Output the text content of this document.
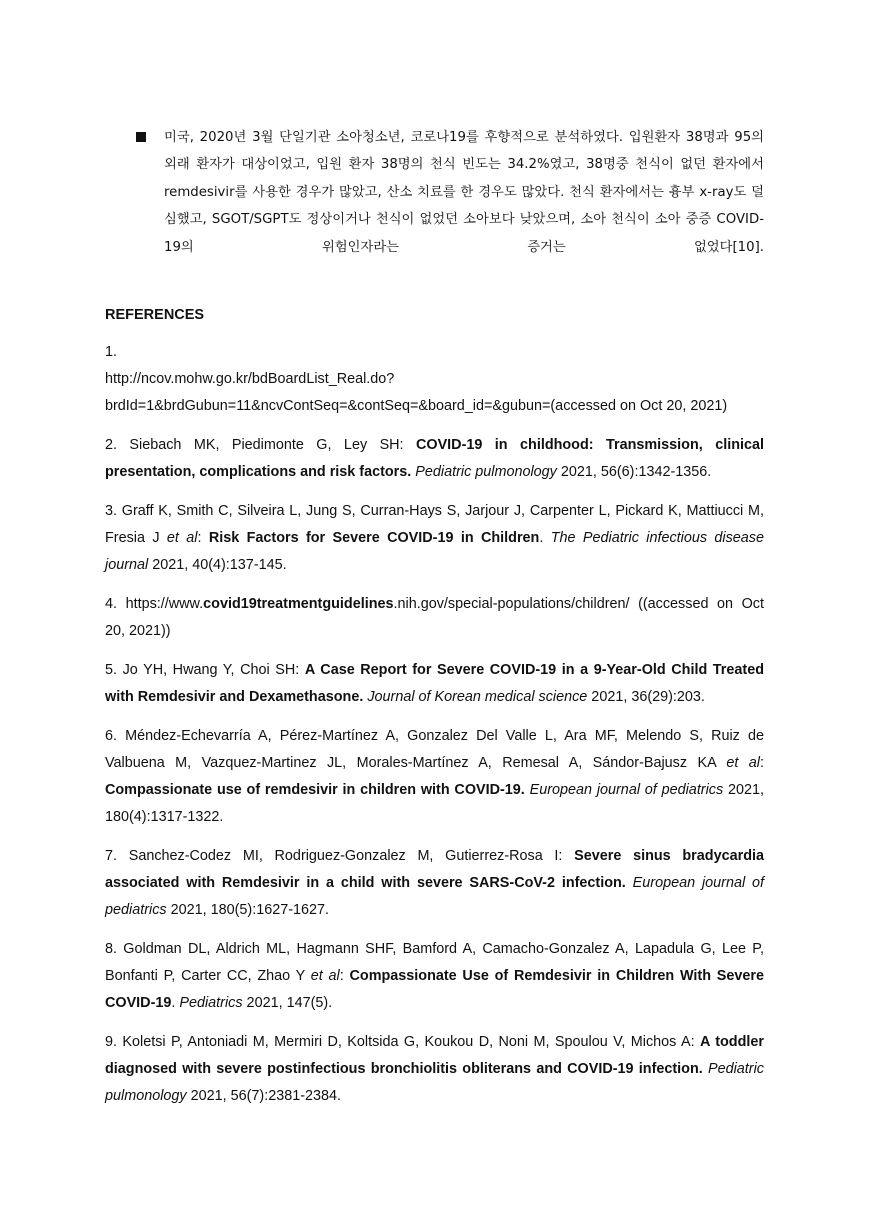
미국, 2020년 3월 단일기관 소아청소년, 코로나19를 후향적으로 분석하였다. 입원환자 38명과 95의 외래 환자가 대상이었고, 입원 환자 38명의 천식 빈도는 34.2%였고, 38명중 천식이 없던 환자에서 remdesivir를 사용한 경우가 많았고, 산소 치료를 한 경우도 많았다. 천식 환자에서는 흉부 x-ray도 덜 심했고, SGOT/SGPT도 정상이거나 천식이 없었던 소아보다 낮았으며, 소아 천식이 소아 중증 COVID-19의 위험인자라는 증거는 없었다[10].
REFERENCES
1.
http://ncov.mohw.go.kr/bdBoardList_Real.do?brdId=1&brdGubun=11&ncvContSeq=&contSeq=&board_id=&gubun=(accessed on Oct 20, 2021)
2. Siebach MK, Piedimonte G, Ley SH: COVID-19 in childhood: Transmission, clinical presentation, complications and risk factors. Pediatric pulmonology 2021, 56(6):1342-1356.
3. Graff K, Smith C, Silveira L, Jung S, Curran-Hays S, Jarjour J, Carpenter L, Pickard K, Mattiucci M, Fresia J et al: Risk Factors for Severe COVID-19 in Children. The Pediatric infectious disease journal 2021, 40(4):137-145.
4. https://www.covid19treatmentguidelines.nih.gov/special-populations/children/ ((accessed on Oct 20, 2021))
5. Jo YH, Hwang Y, Choi SH: A Case Report for Severe COVID-19 in a 9-Year-Old Child Treated with Remdesivir and Dexamethasone. Journal of Korean medical science 2021, 36(29):203.
6. Méndez-Echevarría A, Pérez-Martínez A, Gonzalez Del Valle L, Ara MF, Melendo S, Ruiz de Valbuena M, Vazquez-Martinez JL, Morales-Martínez A, Remesal A, Sándor-Bajusz KA et al: Compassionate use of remdesivir in children with COVID-19. European journal of pediatrics 2021, 180(4):1317-1322.
7. Sanchez-Codez MI, Rodriguez-Gonzalez M, Gutierrez-Rosa I: Severe sinus bradycardia associated with Remdesivir in a child with severe SARS-CoV-2 infection. European journal of pediatrics 2021, 180(5):1627-1627.
8. Goldman DL, Aldrich ML, Hagmann SHF, Bamford A, Camacho-Gonzalez A, Lapadula G, Lee P, Bonfanti P, Carter CC, Zhao Y et al: Compassionate Use of Remdesivir in Children With Severe COVID-19. Pediatrics 2021, 147(5).
9. Koletsi P, Antoniadi M, Mermiri D, Koltsida G, Koukou D, Noni M, Spoulou V, Michos A: A toddler diagnosed with severe postinfectious bronchiolitis obliterans and COVID-19 infection. Pediatric pulmonology 2021, 56(7):2381-2384.
